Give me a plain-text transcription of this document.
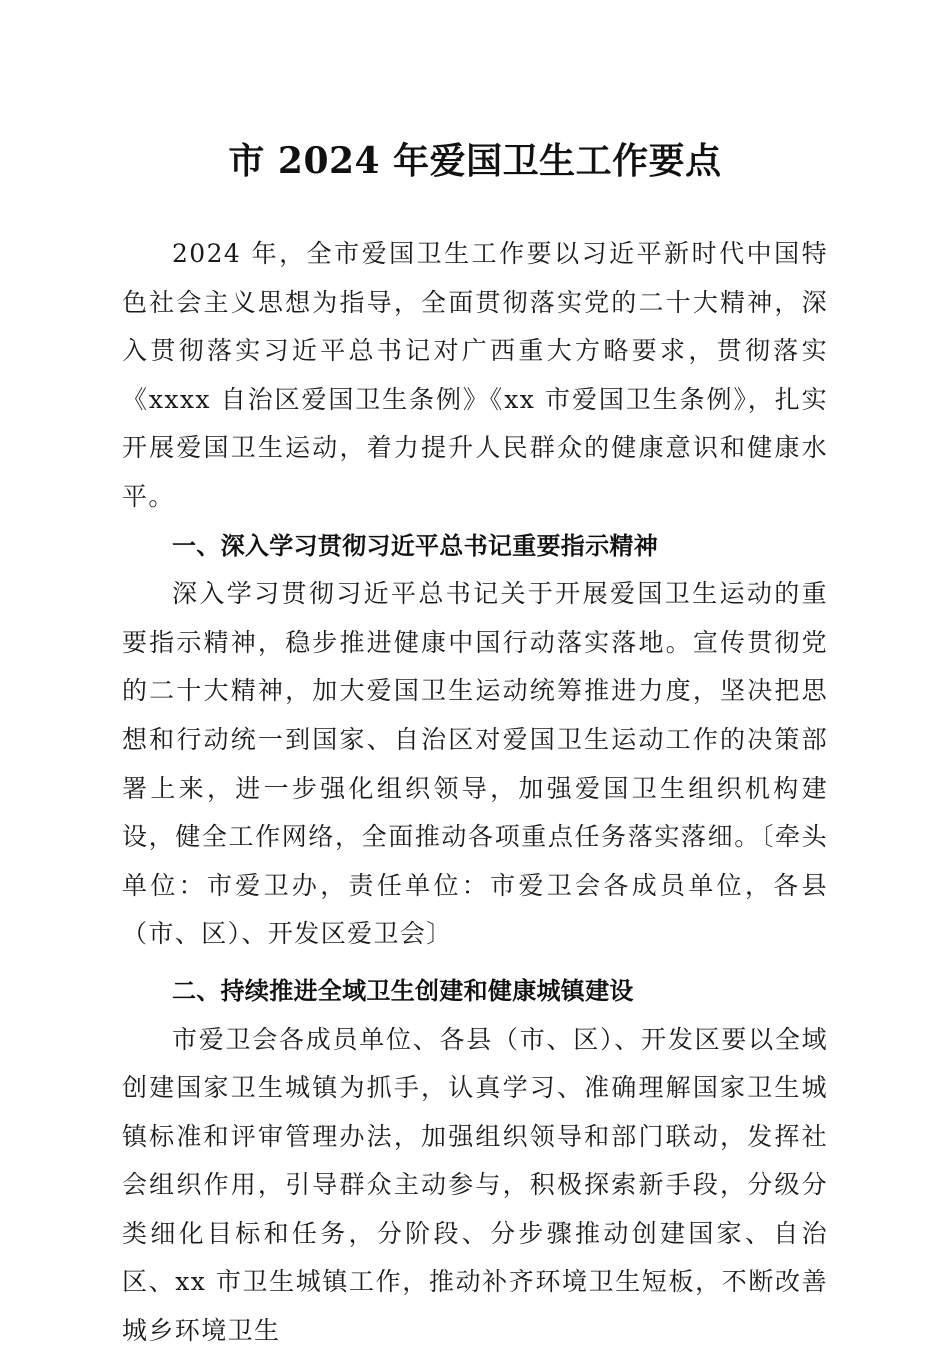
市 2024 年爱国卫生工作要点

2024 年，全市爱国卫生工作要以习近平新时代中国特色社会主义思想为指导，全面贯彻落实党的二十大精神，深入贯彻落实习近平总书记对广西重大方略要求，贯彻落实《xxxx 自治区爱国卫生条例》《xx 市爱国卫生条例》，扎实开展爱国卫生运动，着力提升人民群众的健康意识和健康水平。

一、深入学习贯彻习近平总书记重要指示精神

深入学习贯彻习近平总书记关于开展爱国卫生运动的重要指示精神，稳步推进健康中国行动落实落地。宣传贯彻党的二十大精神，加大爱国卫生运动统筹推进力度，坚决把思想和行动统一到国家、自治区对爱国卫生运动工作的决策部署上来，进一步强化组织领导，加强爱国卫生组织机构建设，健全工作网络，全面推动各项重点任务落实落细。〔牵头单位：市爱卫办，责任单位：市爱卫会各成员单位，各县（市、区）、开发区爱卫会〕

二、持续推进全域卫生创建和健康城镇建设

市爱卫会各成员单位、各县（市、区）、开发区要以全域创建国家卫生城镇为抓手，认真学习、准确理解国家卫生城镇标准和评审管理办法，加强组织领导和部门联动，发挥社会组织作用，引导群众主动参与，积极探索新手段，分级分类细化目标和任务，分阶段、分步骤推动创建国家、自治区、xx 市卫生城镇工作，推动补齐环境卫生短板，不断改善城乡环境卫生
